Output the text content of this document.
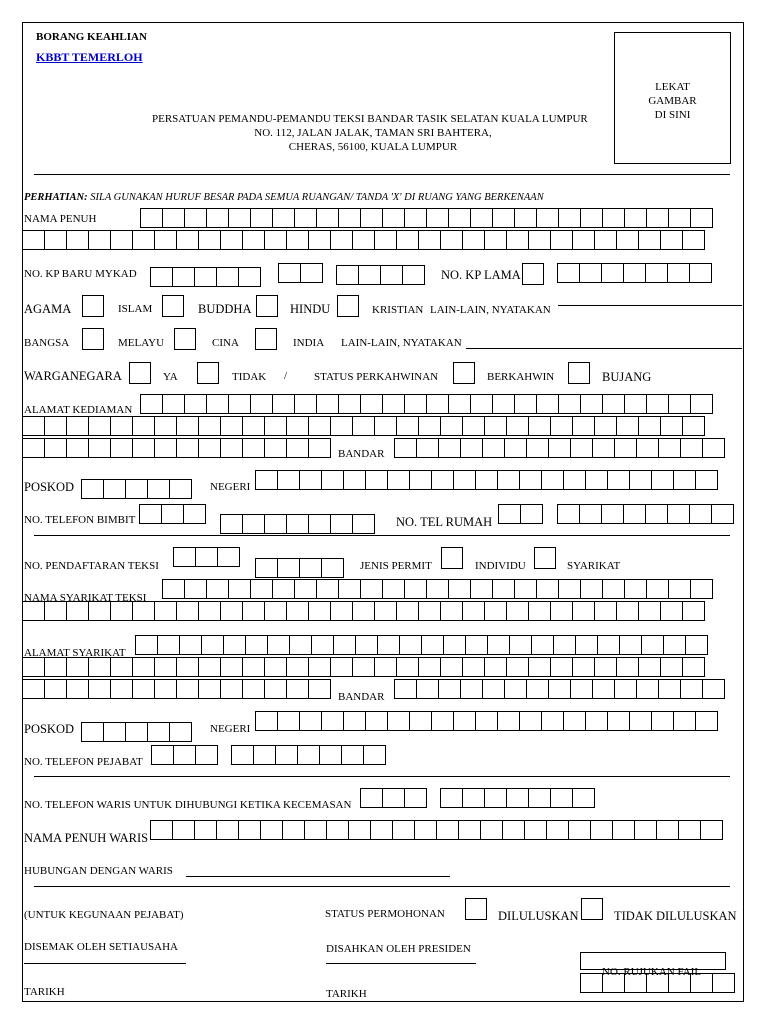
BORANG KEAHLIAN
KBBT TEMERLOH
PERSATUAN PEMANDU-PEMANDU TEKSI BANDAR TASIK SELATAN KUALA LUMPUR
NO. 112, JALAN JALAK, TAMAN SRI BAHTERA,
CHERAS, 56100, KUALA LUMPUR
LEKAT
GAMBAR
DI SINI
PERHATIAN: SILA GUNAKAN HURUF BESAR PADA SEMUA RUANGAN/ TANDA 'X' DI RUANG YANG BERKENAAN
NAMA PENUH
NO. KP BARU MYKAD	NO. KP LAMA
AGAMA	ISLAM	BUDDHA	HINDU	KRISTIAN LAIN-LAIN, NYATAKAN
BANGSA	MELAYU	CINA	INDIA LAIN-LAIN, NYATAKAN
WARGANEGARA	YA	TIDAK / STATUS PERKAHWINAN	BERKAHWIN	BUJANG
ALAMAT KEDIAMAN
BANDAR
POSKOD	NEGERI
NO. TELEFON BIMBIT	NO. TEL RUMAH
NO. PENDAFTARAN TEKSI	JENIS PERMIT	INDIVIDU	SYARIKAT
NAMA SYARIKAT TEKSI
ALAMAT SYARIKAT
BANDAR
POSKOD	NEGERI
NO. TELEFON PEJABAT
NO. TELEFON WARIS UNTUK DIHUBUNGI KETIKA KECEMASAN
NAMA PENUH WARIS
HUBUNGAN DENGAN WARIS
(UNTUK KEGUNAAN PEJABAT)	STATUS PERMOHONAN	DILULUSKAN	TIDAK DILULUSKAN
DISEMAK OLEH SETIAUSAHA	DISAHKAN OLEH PRESIDEN
NO. RUJUKAN FAIL
TARIKH	TARIKH
